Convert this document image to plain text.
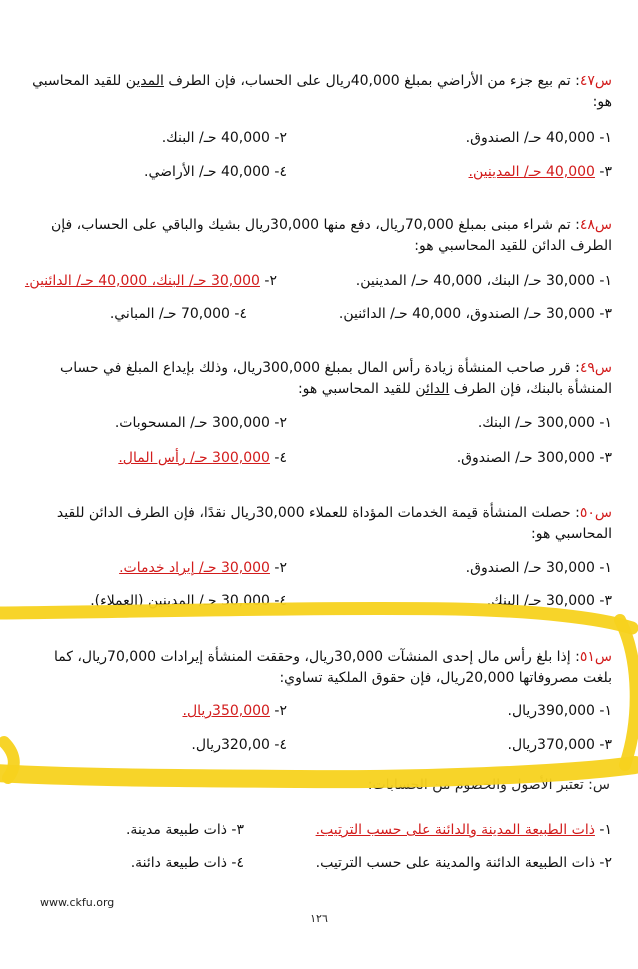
س٤٧: تم بيع جزء من الأراضي بمبلغ 40,000ريال على الحساب، فإن الطرف المدين للقيد المحاسبي هو:
١- 40,000 حـ/ الصندوق.
٢- 40,000 حـ/ البنك.
٣- 40,000 حـ/ المدينين.
٤- 40,000 حـ/ الأراضي.
س٤٨: تم شراء مبنى بمبلغ 70,000ريال، دفع منها 30,000ريال بشيك والباقي على الحساب، فإن الطرف الدائن للقيد المحاسبي هو:
١- 30,000 حـ/ البنك، 40,000 حـ/ المدينين.
٢- 30,000 حـ/ البنك، 40,000 حـ/ الدائنين.
٣- 30,000 حـ/ الصندوق، 40,000 حـ/ الدائنين.
٤- 70,000 حـ/ المباني.
س٤٩: قرر صاحب المنشأة زيادة رأس المال بمبلغ 300,000ريال، وذلك بإيداع المبلغ في حساب المنشأة بالبنك، فإن الطرف الدائن للقيد المحاسبي هو:
١- 300,000 حـ/ البنك.
٢- 300,000 حـ/ المسحوبات.
٣- 300,000 حـ/ الصندوق.
٤- 300,000 حـ/ رأس المال.
س٥٠: حصلت المنشأة قيمة الخدمات المؤداة للعملاء 30,000ريال نقدًا، فإن الطرف الدائن للقيد المحاسبي هو:
١- 30,000 حـ/ الصندوق.
٢- 30,000 حـ/ إيراد خدمات.
٣- 30,000 حـ/ البنك.
٤- 30,000 حـ/ المدينين (العملاء).
س٥١: إذا بلغ رأس مال إحدى المنشآت 30,000ريال، وحققت المنشأة إيرادات 70,000ريال، كما بلغت مصروفاتها 20,000ريال، فإن حقوق الملكية تساوي:
١- 390,000ريال.
٢- 350,000ريال.
٣- 370,000ريال.
٤- 320,00ريال.
س: تعتبر الأصول والخصوم من الحسابات:
١- ذات الطبيعة المدينة والدائنة على حسب الترتيب.
٣- ذات طبيعة مدينة.
٢- ذات الطبيعة الدائنة والمدينة على حسب الترتيب.
٤- ذات طبيعة دائنة.
www.ckfu.org
١٢٦
